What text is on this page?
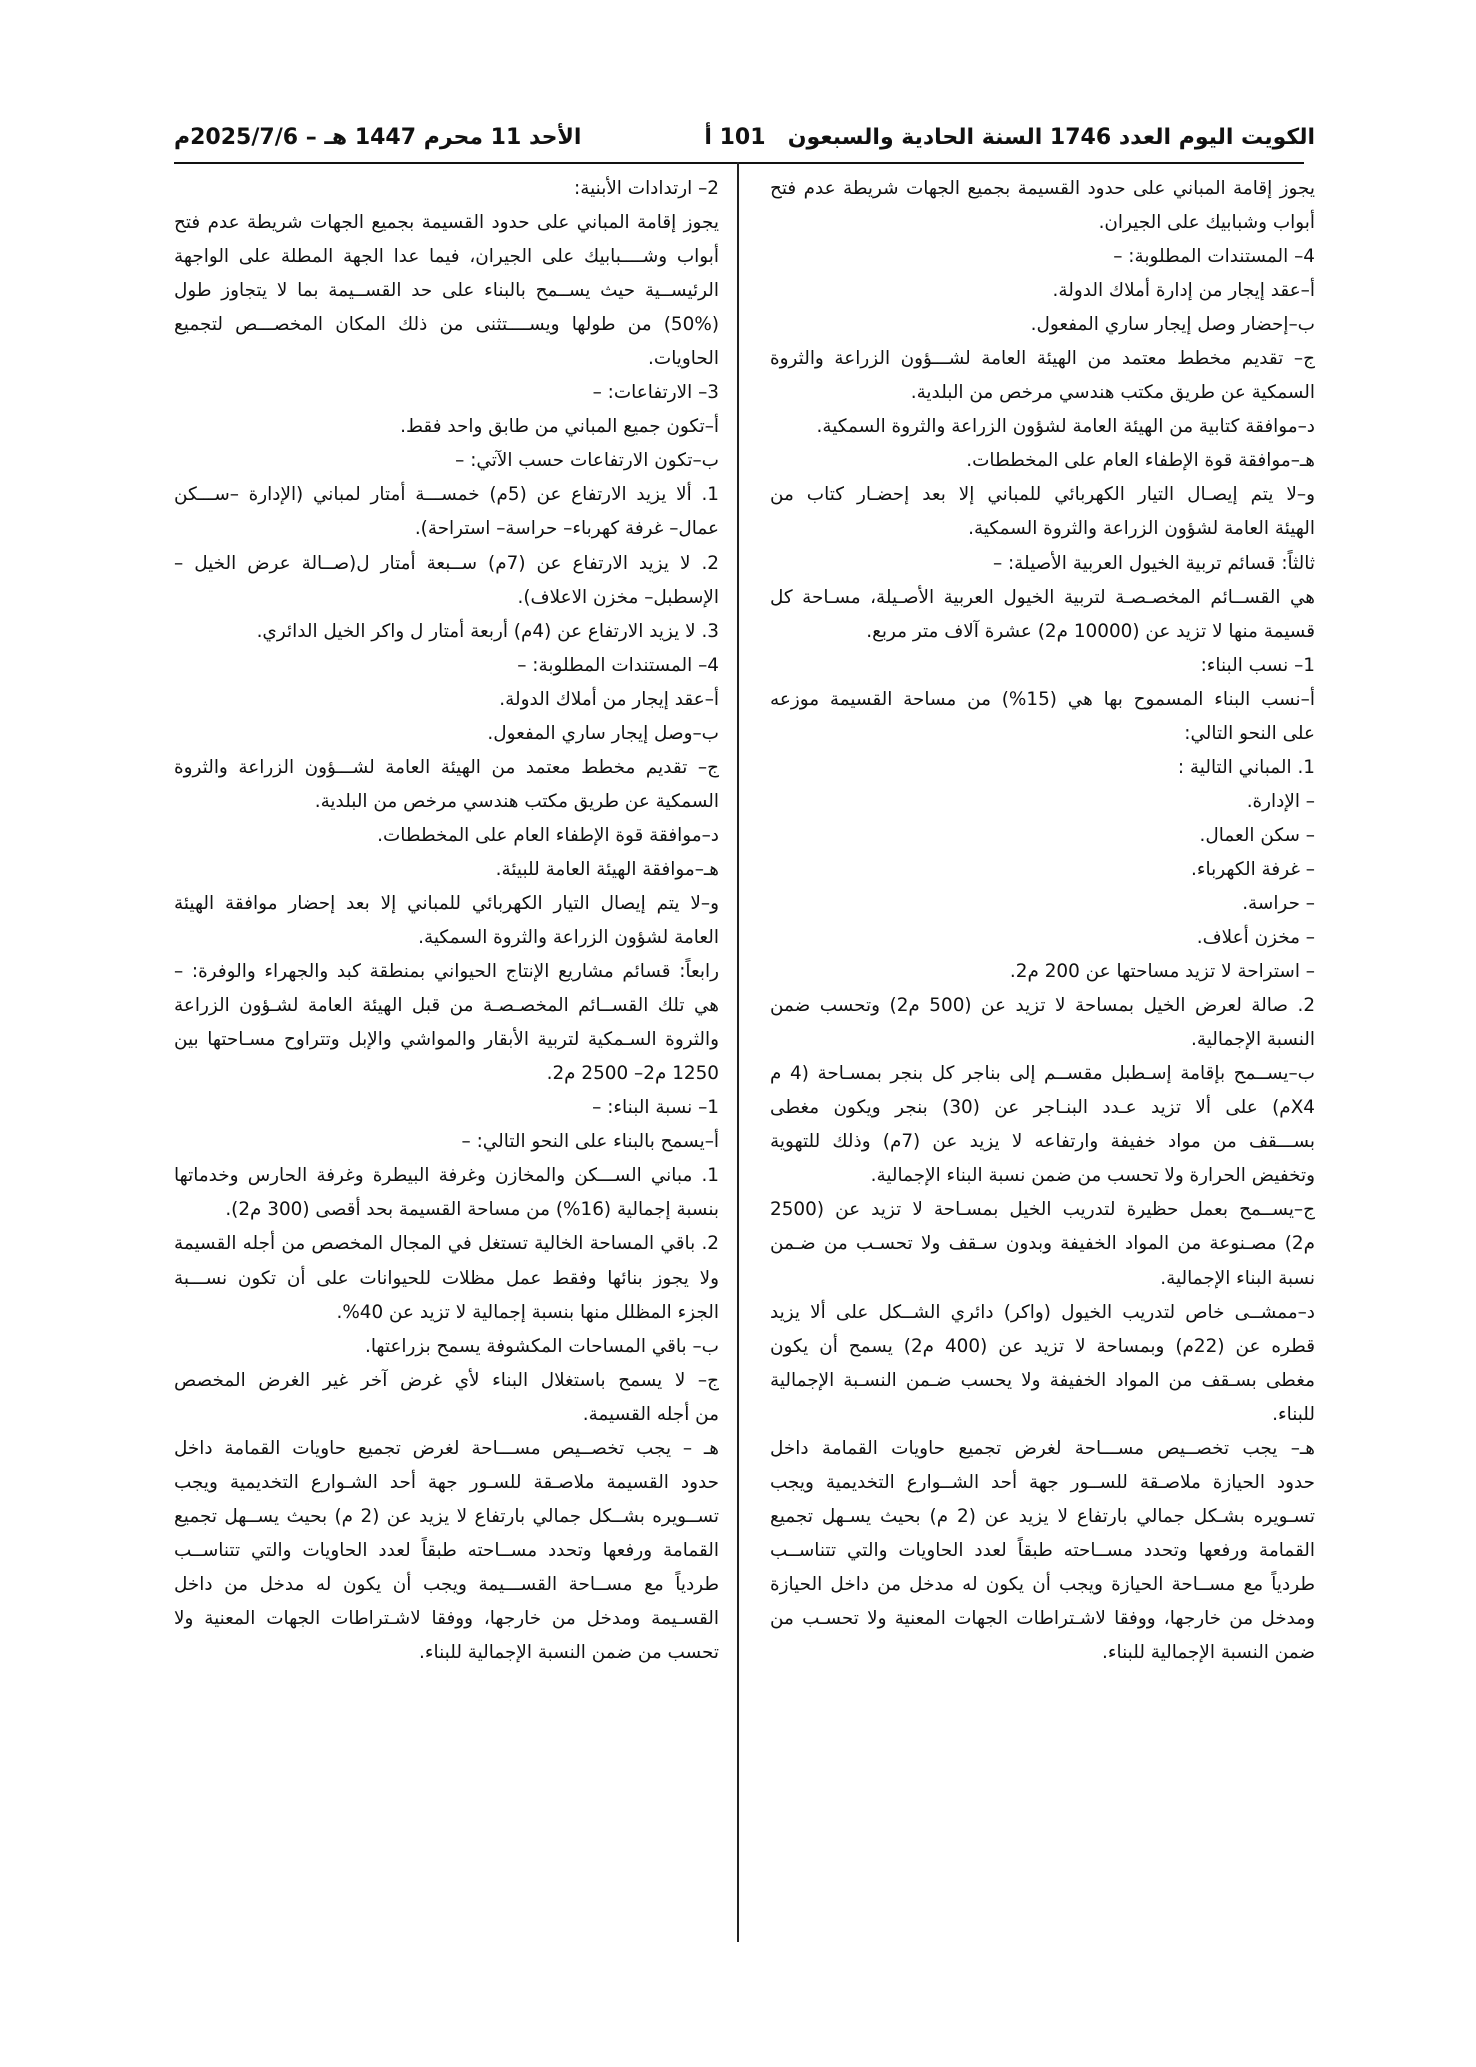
الكويت اليوم العدد 1746 السنة الحادية والسبعون
101 أ
الأحد 11 محرم 1447 هـ – 2025/7/6م
يجوز إقامة المباني على حدود القسيمة بجميع الجهات شريطة عدم فتح
أبواب وشبابيك على الجيران.
4– المستندات المطلوبة: –
أ–عقد إيجار من إدارة أملاك الدولة.
ب–إحضار وصل إيجار ساري المفعول.
ج– تقديم مخطط معتمد من الهيئة العامة لشـــؤون الزراعة والثروة
السمكية عن طريق مكتب هندسي مرخص من البلدية.
د–موافقة كتابية من الهيئة العامة لشؤون الزراعة والثروة السمكية.
هـ–موافقة قوة الإطفاء العام على المخططات.
و–لا يتم إيصـال التيار الكهربائي للمباني إلا بعد إحضـار كتاب من
الهيئة العامة لشؤون الزراعة والثروة السمكية.
ثالثاً: قسائم تربية الخيول العربية الأصيلة: –
هي القســائم المخصـصـة لتربية الخيول العربية الأصـيلة، مسـاحة كل
قسيمة منها لا تزيد عن (10000 م2) عشرة آلاف متر مربع.
1– نسب البناء:
أ–نسب البناء المسموح بها هي (15%) من مساحة القسيمة موزعه
على النحو التالي:
1. المباني التالية :
– الإدارة.
– سكن العمال.
– غرفة الكهرباء.
– حراسة.
– مخزن أعلاف.
– استراحة لا تزيد مساحتها عن 200 م2.
2. صالة لعرض الخيل بمساحة لا تزيد عن (500 م2) وتحسب ضمن
النسبة الإجمالية.
ب–يســمح بإقامة إسـطبل مقســم إلى بناجر كل بنجر بمسـاحة (4 م
X4م) على ألا تزيد عـدد البنـاجر عن (30) بنجر ويكون مغطى
بســـقف من مواد خفيفة وارتفاعه لا يزيد عن (7م) وذلك للتهوية
وتخفيض الحرارة ولا تحسب من ضمن نسبة البناء الإجمالية.
ج–يســمح بعمل حظيرة لتدريب الخيل بمسـاحة لا تزيد عن (2500
م2) مصـنوعة من المواد الخفيفة وبدون سـقف ولا تحسـب من ضـمن
نسبة البناء الإجمالية.
د–ممشــى خاص لتدريب الخيول (واكر) دائري الشــكل على ألا يزيد
قطره عن (22م) وبمساحة لا تزيد عن (400 م2) يسمح أن يكون
مغطى بسـقف من المواد الخفيفة ولا يحسب ضـمن النسـبة الإجمالية
للبناء.
هـ– يجب تخصــيص مســـاحة لغرض تجميع حاويات القمامة داخل
حدود الحيازة ملاصـقة للســور جهة أحد الشــوارع التخديمية ويجب
تسـويره بشـكل جمالي بارتفاع لا يزيد عن (2 م) بحيث يسـهل تجميع
القمامة ورفعها وتحدد مســاحته طبقاً لعدد الحاويات والتي تتناســب
طردياً مع مســاحة الحيازة ويجب أن يكون له مدخل من داخل الحيازة
ومدخل من خارجها، ووفقا لاشـتراطات الجهات المعنية ولا تحسـب من
ضمن النسبة الإجمالية للبناء.
2– ارتدادات الأبنية:
يجوز إقامة المباني على حدود القسيمة بجميع الجهات شريطة عدم فتح
أبواب وشــــبابيك على الجيران، فيما عدا الجهة المطلة على الواجهة
الرئيســية حيث يســمح بالبناء على حد القســيمة بما لا يتجاوز طول
(50%) من طولها ويســــتثنى من ذلك المكان المخصـــص لتجميع
الحاويات.
3– الارتفاعات: –
أ–تكون جميع المباني من طابق واحد فقط.
ب–تكون الارتفاعات حسب الآتي: –
1. ألا يزيد الارتفاع عن (5م) خمســـة أمتار لمباني (الإدارة –ســـكن
عمال– غرفة كهرباء– حراسة– استراحة).
2. لا يزيد الارتفاع عن (7م) ســبعة أمتار ل(صــالة عرض الخيل –
الإسطبل– مخزن الاعلاف).
3. لا يزيد الارتفاع عن (4م) أربعة أمتار ل واكر الخيل الدائري.
4– المستندات المطلوبة: –
أ–عقد إيجار من أملاك الدولة.
ب–وصل إيجار ساري المفعول.
ج– تقديم مخطط معتمد من الهيئة العامة لشـــؤون الزراعة والثروة
السمكية عن طريق مكتب هندسي مرخص من البلدية.
د–موافقة قوة الإطفاء العام على المخططات.
هـ–موافقة الهيئة العامة للبيئة.
و–لا يتم إيصال التيار الكهربائي للمباني إلا بعد إحضار موافقة الهيئة
العامة لشؤون الزراعة والثروة السمكية.
رابعاً: قسائم مشاريع الإنتاج الحيواني بمنطقة كبد والجهراء والوفرة: –
هي تلك القســائم المخصـصـة من قبل الهيئة العامة لشـؤون الزراعة
والثروة السـمكية لتربية الأبقار والمواشي والإبل وتتراوح مسـاحتها بين
1250 م2– 2500 م2.
1– نسبة البناء: –
أ–يسمح بالبناء على النحو التالي: –
1. مباني الســـكن والمخازن وغرفة البيطرة وغرفة الحارس وخدماتها
بنسبة إجمالية (16%) من مساحة القسيمة بحد أقصى (300 م2).
2. باقي المساحة الخالية تستغل في المجال المخصص من أجله القسيمة
ولا يجوز بنائها وفقط عمل مظلات للحيوانات على أن تكون نســـبة
الجزء المظلل منها بنسبة إجمالية لا تزيد عن 40%.
ب– باقي المساحات المكشوفة يسمح بزراعتها.
ج– لا يسمح باستغلال البناء لأي غرض آخر غير الغرض المخصص
من أجله القسيمة.
هـ – يجب تخصــيص مســـاحة لغرض تجميع حاويات القمامة داخل
حدود القسيمة ملاصـقة للسـور جهة أحد الشـوارع التخديمية ويجب
تســويره بشــكل جمالي بارتفاع لا يزيد عن (2 م) بحيث يســهل تجميع
القمامة ورفعها وتحدد مســاحته طبقاً لعدد الحاويات والتي تتناســب
طردياً مع مســاحة القســـيمة ويجب أن يكون له مدخل من داخل
القسـيمة ومدخل من خارجها، ووفقا لاشـتراطات الجهات المعنية ولا
تحسب من ضمن النسبة الإجمالية للبناء.
